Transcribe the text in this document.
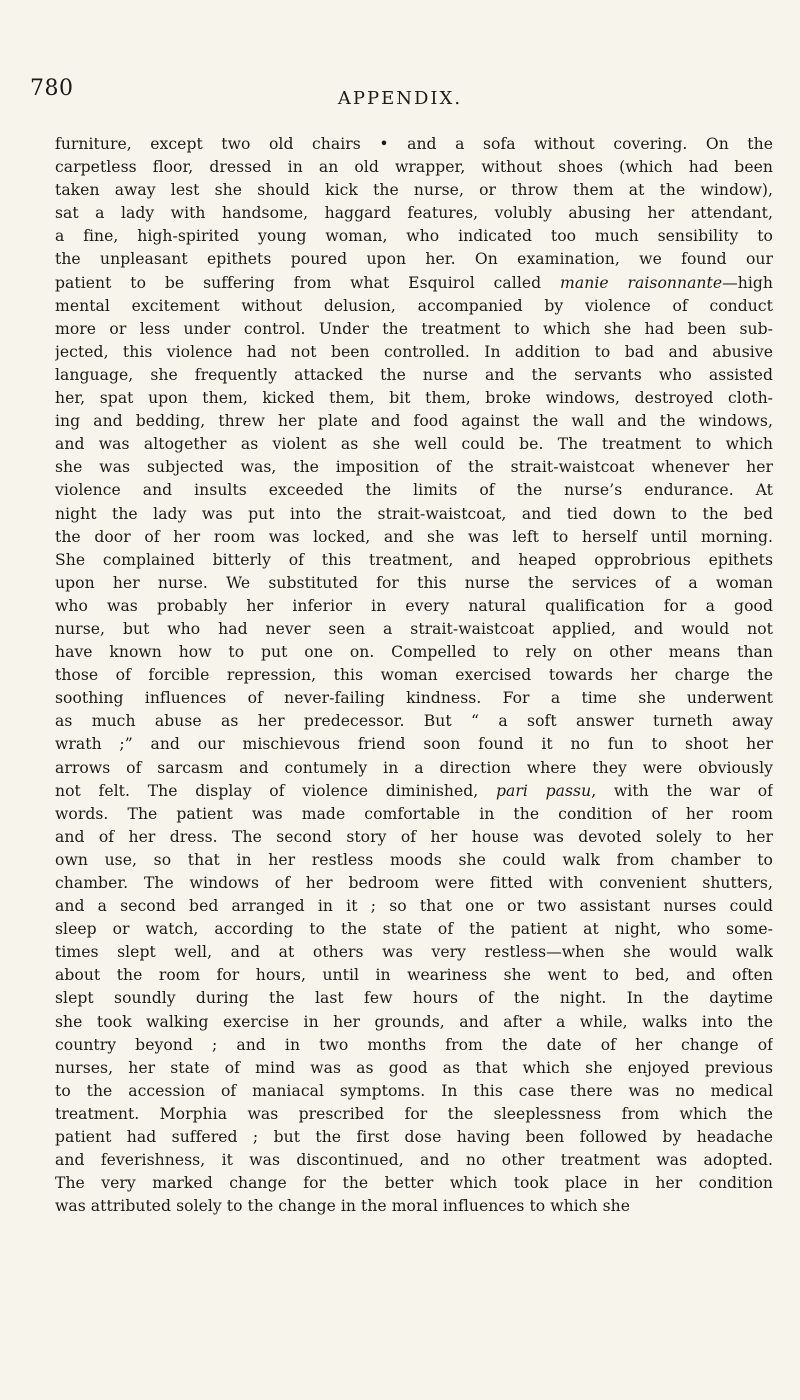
780	APPENDIX.
furniture, except two old chairs • and a sofa without covering. On the
carpetless floor, dressed in an old wrapper, without shoes (which had been
taken away lest she should kick the nurse, or throw them at the window),
sat a lady with handsome, haggard features, volubly abusing her attendant,
a fine, high-spirited young woman, who indicated too much sensibility to
the unpleasant epithets poured upon her. On examination, we found our
patient to be suffering from what Esquirol called manie raisonnante—high
mental excitement without delusion, accompanied by violence of conduct
more or less under control. Under the treatment to which she had been sub-
jected, this violence had not been controlled. In addition to bad and abusive
language, she frequently attacked the nurse and the servants who assisted
her, spat upon them, kicked them, bit them, broke windows, destroyed cloth-
ing and bedding, threw her plate and food against the wall and the windows,
and was altogether as violent as she well could be. The treatment to which
she was subjected was, the imposition of the strait-waistcoat whenever her
violence and insults exceeded the limits of the nurse’s endurance. At
night the lady was put into the strait-waistcoat, and tied down to the bed
the door of her room was locked, and she was left to herself until morning.
She complained bitterly of this treatment, and heaped opprobrious epithets
upon her nurse. We substituted for this nurse the services of a woman
who was probably her inferior in every natural qualification for a good
nurse, but who had never seen a strait-waistcoat applied, and would not
have known how to put one on. Compelled to rely on other means than
those of forcible repression, this woman exercised towards her charge the
soothing influences of never-failing kindness. For a time she underwent
as much abuse as her predecessor. But “ a soft answer turneth away
wrath ;” and our mischievous friend soon found it no fun to shoot her
arrows of sarcasm and contumely in a direction where they were obviously
not felt. The display of violence diminished, pari passu, with the war of
words. The patient was made comfortable in the condition of her room
and of her dress. The second story of her house was devoted solely to her
own use, so that in her restless moods she could walk from chamber to
chamber. The windows of her bedroom were fitted with convenient shutters,
and a second bed arranged in it ; so that one or two assistant nurses could
sleep or watch, according to the state of the patient at night, who some-
times slept well, and at others was very restless—when she would walk
about the room for hours, until in weariness she went to bed, and often
slept soundly during the last few hours of the night. In the daytime
she took walking exercise in her grounds, and after a while, walks into the
country beyond ; and in two months from the date of her change of
nurses, her state of mind was as good as that which she enjoyed previous
to the accession of maniacal symptoms. In this case there was no medical
treatment. Morphia was prescribed for the sleeplessness from which the
patient had suffered ; but the first dose having been followed by headache
and feverishness, it was discontinued, and no other treatment was adopted.
The very marked change for the better which took place in her condition
was attributed solely to the change in the moral influences to which she
